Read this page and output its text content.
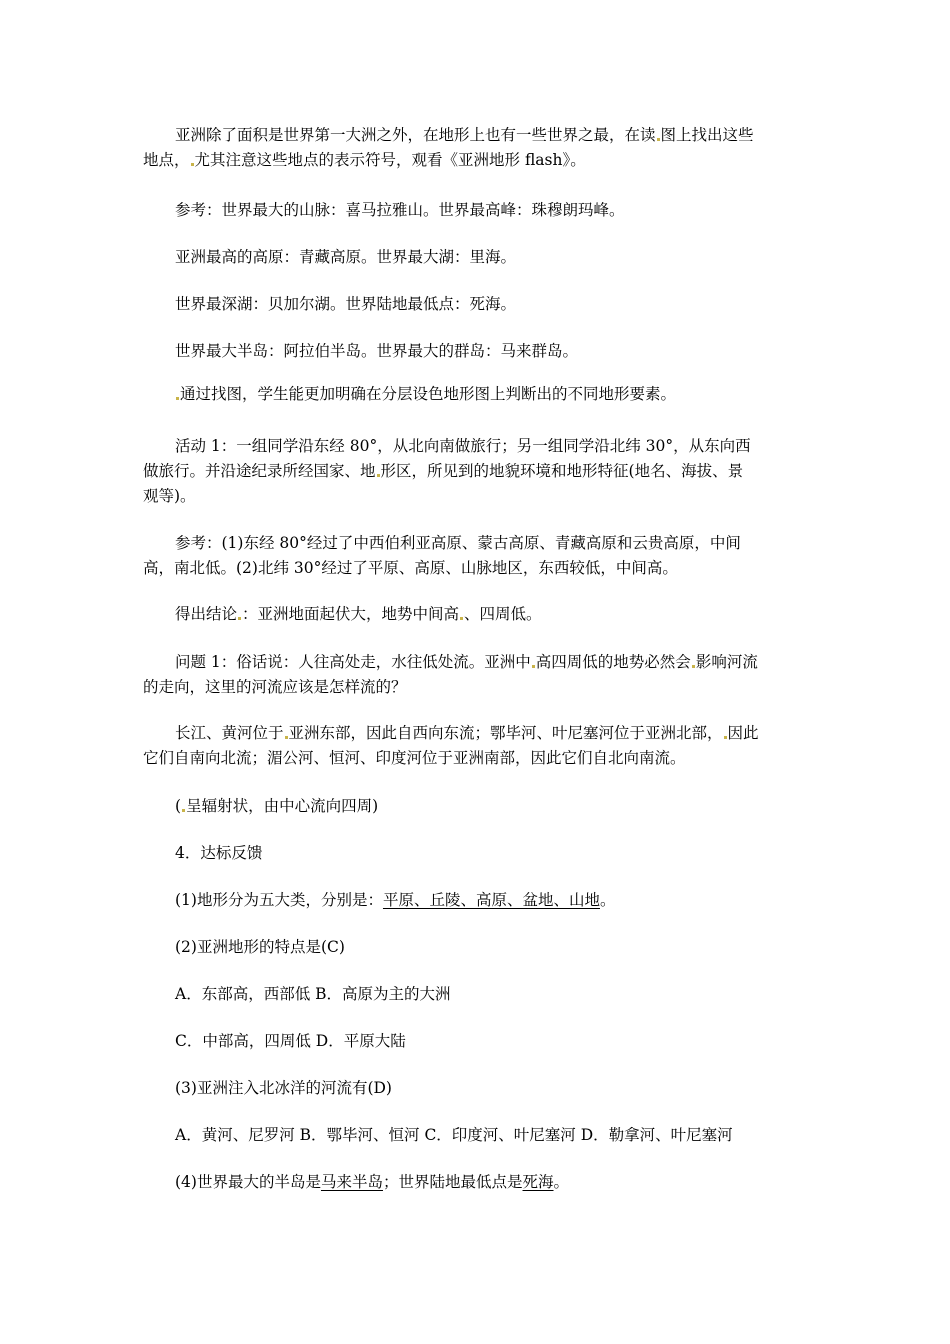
亚洲除了面积是世界第一大洲之外，在地形上也有一些世界之最，在读 图上找出这些
地点， 尤其注意这些地点的表示符号，观看《亚洲地形 flash》。

参考：世界最大的山脉：喜马拉雅山。世界最高峰：珠穆朗玛峰。

亚洲最高的高原：青藏高原。世界最大湖：里海。

世界最深湖：贝加尔湖。世界陆地最低点：死海。

世界最大半岛：阿拉伯半岛。世界最大的群岛：马来群岛。

通过找图，学生能更加明确在分层设色地形图上判断出的不同地形要素。
活动 1：一组同学沿东经 80°，从北向南做旅行；另一组同学沿北纬 30°，从东向西
做旅行。并沿途纪录所经国家、地 形区，所见到的地貌环境和地形特征(地名、海拔、景
观等)。
参考：(1)东经 80°经过了中西伯利亚高原、蒙古高原、青藏高原和云贵高原，中间
高，南北低。(2)北纬 30°经过了平原、高原、山脉地区，东西较低，中间高。
得出结论 ：亚洲地面起伏大，地势中间高 、四周低。
问题 1：俗话说：人往高处走，水往低处流。亚洲中 高四周低的地势必然会 影响河流
的走向，这里的河流应该是怎样流的？
长江、黄河位于 亚洲东部，因此自西向东流；鄂毕河、叶尼塞河位于亚洲北部， 因此
它们自南向北流；湄公河、恒河、印度河位于亚洲南部，因此它们自北向南流。
( 呈辐射状，由中心流向四周)

4．达标反馈

(1)地形分为五大类，分别是：平原、丘陵、高原、盆地、山地。

(2)亚洲地形的特点是(C)

A．东部高，西部低 B．高原为主的大洲

C．中部高，四周低 D．平原大陆

(3)亚洲注入北冰洋的河流有(D)

A．黄河、尼罗河 B．鄂毕河、恒河 C．印度河、叶尼塞河 D．勒拿河、叶尼塞河

(4)世界最大的半岛是马来半岛；世界陆地最低点是死海。
